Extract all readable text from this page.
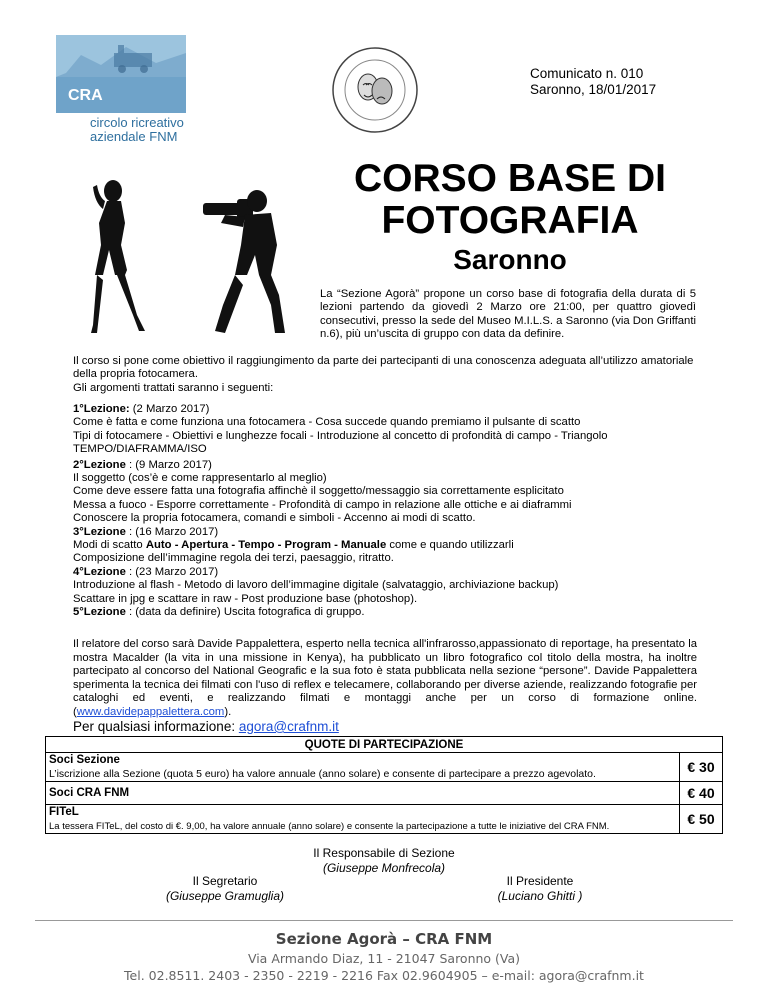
CRA
circolo ricreativo
aziendale FNM
Comunicato n. 010
Saronno, 18/01/2017
CORSO BASE DI
FOTOGRAFIA
Saronno
La “Sezione Agorà” propone un corso base di fotografia della durata di 5 lezioni partendo da giovedì 2 Marzo ore 21:00, per quattro giovedì consecutivi, presso la sede del Museo M.I.L.S. a Saronno (via Don Griffanti n.6), più un’uscita di gruppo con data da definire.

Il corso si pone come obiettivo il raggiungimento da parte dei partecipanti di una conoscenza adeguata all’utilizzo amatoriale della propria fotocamera.

Gli argomenti trattati saranno i seguenti:

1°Lezione: (2 Marzo 2017)

Come è fatta e come funziona una fotocamera - Cosa succede quando premiamo il pulsante di scatto

Tipi di fotocamere - Obiettivi e lunghezze focali - Introduzione al concetto di profondità di campo - Triangolo TEMPO/DIAFRAMMA/ISO

2°Lezione : (9 Marzo 2017)

Il soggetto (cos’è e come rappresentarlo al meglio)

Come deve essere fatta una fotografia affinchè il soggetto/messaggio sia correttamente esplicitato

Messa a fuoco - Esporre correttamente - Profondità di campo in relazione alle ottiche e ai diaframmi

Conoscere la propria fotocamera, comandi e simboli - Accenno ai modi di scatto.

3°Lezione : (16 Marzo 2017)

Modi di scatto Auto - Apertura - Tempo - Program - Manuale come e quando utilizzarli

Composizione dell’immagine regola dei terzi, paesaggio, ritratto.

4°Lezione : (23 Marzo 2017)

Introduzione al flash - Metodo di lavoro dell’immagine digitale (salvataggio, archiviazione backup)

Scattare in jpg e scattare in raw - Post produzione base (photoshop).

5°Lezione : (data da definire) Uscita fotografica di gruppo.

Il relatore del corso sarà Davide Pappalettera, esperto nella tecnica all'infrarosso,appassionato di reportage, ha presentato la mostra Macalder (la vita in una missione in Kenya), ha pubblicato un libro fotografico col titolo della mostra, ha inoltre partecipato al concorso del National Geografic e la sua foto è stata pubblicata nella sezione “persone”. Davide Pappalettera sperimenta la tecnica dei filmati con l'uso di reflex e telecamere, collaborando per diverse aziende, realizzando fotografie per cataloghi ed eventi, e realizzando filmati e montaggi anche per un corso di formazione online.(www.davidepappalettera.com).
Per qualsiasi informazione: agora@crafnm.it
QUOTE DI PARTECIPAZIONE	

Soci Sezione
L’iscrizione alla Sezione (quota 5 euro) ha valore annuale (anno solare) e consente di partecipare a prezzo agevolato.	€ 30

Soci CRA FNM	€ 40

FITeL
La tessera FITeL, del costo di €. 9,00, ha valore annuale (anno solare) e consente la partecipazione a tutte le iniziative del CRA FNM.	€ 50
Il Responsabile di Sezione
(Giuseppe Monfrecola)
Il Segretario
(Giuseppe Gramuglia)
Il Presidente
(Luciano Ghitti )
Sezione Agorà – CRA FNM
Via Armando Diaz, 11 - 21047 Saronno (Va)
Tel. 02.8511. 2403 - 2350 - 2219 - 2216 Fax 02.9604905 – e-mail: agora@crafnm.it
